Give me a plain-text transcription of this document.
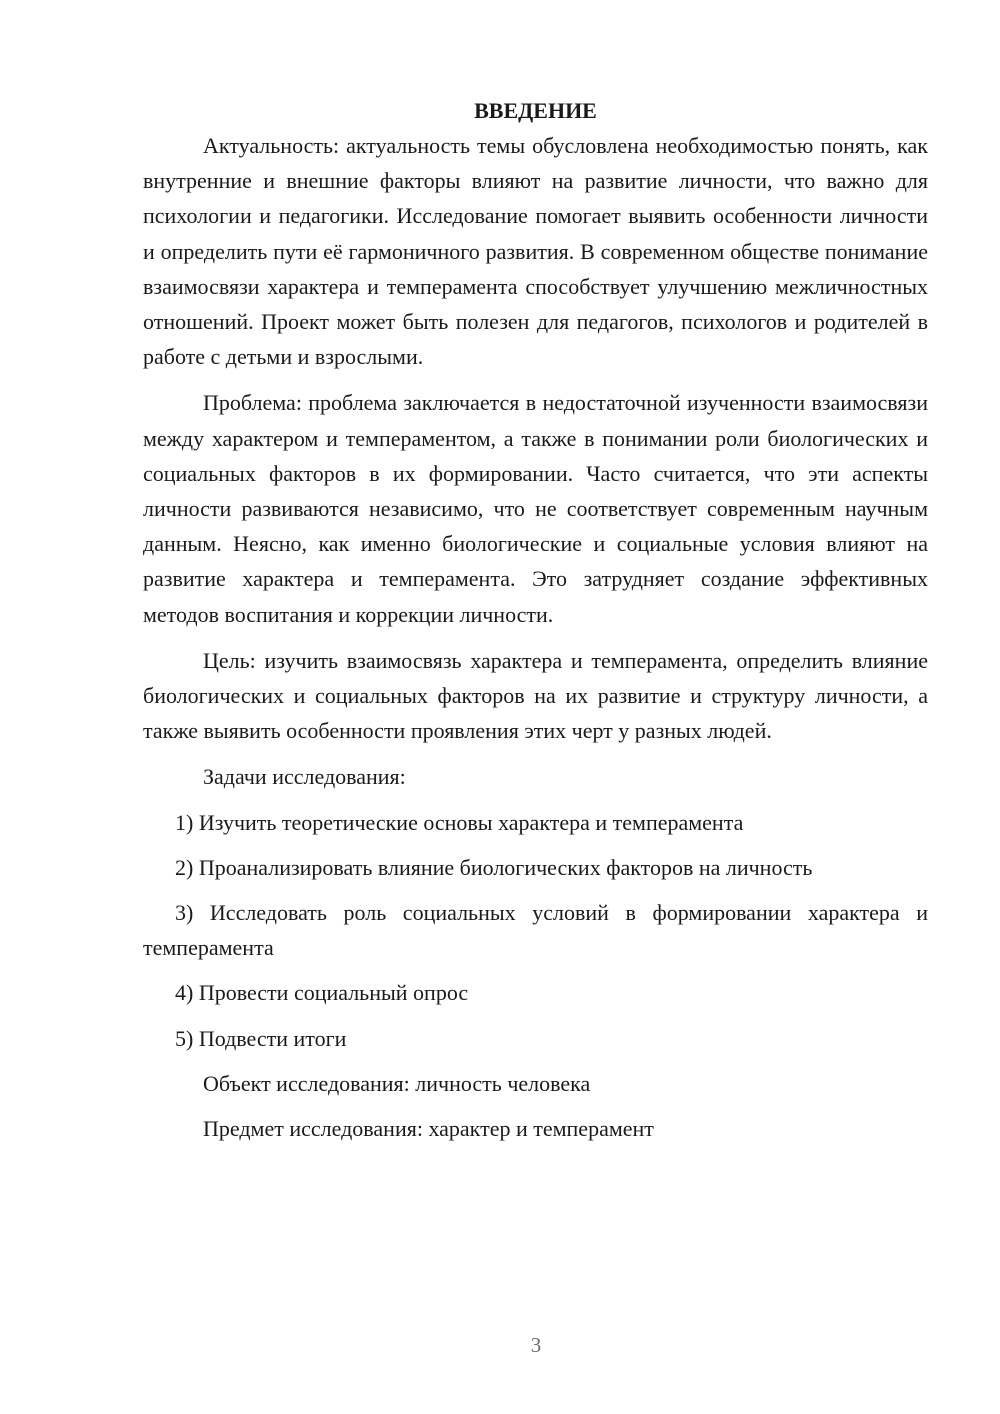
ВВЕДЕНИЕ

Актуальность: актуальность темы обусловлена необходимостью понять, как внутренние и внешние факторы влияют на развитие личности, что важно для психологии и педагогики. Исследование помогает выявить особенности личности и определить пути её гармоничного развития. В современном обществе понимание взаимосвязи характера и темперамента способствует улучшению межличностных отношений. Проект может быть полезен для педагогов, психологов и родителей в работе с детьми и взрослыми.

Проблема: проблема заключается в недостаточной изученности взаимосвязи между характером и темпераментом, а также в понимании роли биологических и социальных факторов в их формировании. Часто считается, что эти аспекты личности развиваются независимо, что не соответствует современным научным данным. Неясно, как именно биологические и социальные условия влияют на развитие характера и темперамента. Это затрудняет создание эффективных методов воспитания и коррекции личности.

Цель: изучить взаимосвязь характера и темперамента, определить влияние биологических и социальных факторов на их развитие и структуру личности, а также выявить особенности проявления этих черт у разных людей.

Задачи исследования:

1) Изучить теоретические основы характера и темперамента

2) Проанализировать влияние биологических факторов на личность

3) Исследовать роль социальных условий в формировании характера и темперамента

4) Провести социальный опрос

5) Подвести итоги

Объект исследования: личность человека

Предмет исследования: характер и темперамент

3
